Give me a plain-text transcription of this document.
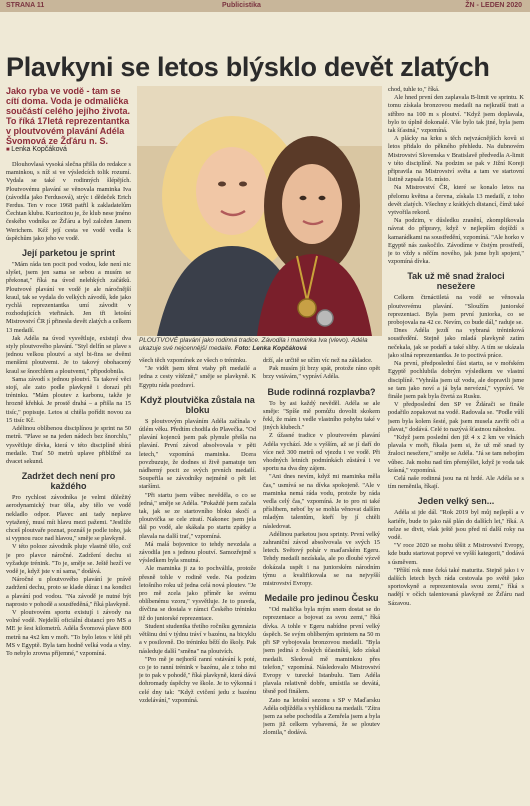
STRANA 11	Publicistika	ŽN - LEDEN 2020
Plavkyni se letos blýsklo devět zlatých

Jako ryba ve vodě - tam se cítí doma. Voda je odmalička součástí celého jejího života. To říká 17letá reprezentantka v ploutvovém plavání Adéla Švomová ze Žďáru n. S.

■ Lenka Kopčáková

Dlouhovlasá vysoká slečna přišla do redakce s maminkou, s níž si ve výsledcích tolik rozumí. Vydala se také v rodinných šlépějích. Ploutvovému plavání se věnovala maminka Iva (závodila jako Ferdusová), strýc i dědeček Erich Ferdus. Ten v roce 1968 patřil k zakladatelům Čechtan klubu. Kuriozitou je, že klub nese jméno českého vodníka ze Žďáru a byl založen Janem Werichem. Kéž její cesta ve vodě vedla k úspěchům jako jeho ve vodě.

Její parketou je sprint

"Mám ráda ten pocit pod vodou, kde není nic slyšet, jsem jen sama se sebou a musím se překonat," říká na úvod nelehkých začátků. Ploutvové plavání ve vodě je ale náročnější kraul, tak se vydala do velkých závodů, kde jako rychlá reprezentantka umí závodit v rozhodujících vteřinách. Jen tři letošní Mistrovství ČR jí přinesla devět zlatých a celkem 13 medailí.

Jak Adéla na úvod vysvětluje, existují dva styly ploutvového plavání. "Styl delfín se plave s jednou velkou ploutví a styl bi-fins se dvěmi menšími ploutvemi. Je to takový obohacený kraul se šnorchlem a ploutvemi," připodobnila.

Sama závodí s jednou ploutví. Ta takové věci stojí, ale zato podle plavkyně i dorazí při tréninku. "Mám ploutev z karbonu, takže je hrozně křehká. Je prostě drahá – a přišla na 15 tisíc," popisuje. Letos si chtěla pořídit novou za 15 tisíc Kč.

Adélinou oblíbenou disciplínou je sprint na 50 metrů. "Plave se na jeden nádech bez šnorchlu," vysvětluje dívka, která v této disciplíně sbírá medaile. Trať 50 metrů uplave přibližně za dvacet sekund.

Zadržet dech není pro každého

Pro rychlost závodníka je velmi důležitý aerodynamický tvar těla, aby tělo ve vodě nekladlo odpor. Plavec ani tady neplave vytažený, musí mít hlavu mezi pažemi. "Jestliže chceš ploutvaře poznat, poznáš je podle toho, jak si vypnou ruce nad hlavou," směje se plavkyně.

V této poloze závodník pluje vlastně tělo, což je pro plavce náročné. Zadržení dechu si vyžaduje trénink. "To je, směje se. Ještě hezčí ve vodě je, když jste v ní sama," dodává.

Náročné u ploutvového plavání je právě zadržení dechu, proto se klade důraz i na kondici a plavání pod vodou. "Na závodě je nutné být naprosto v pohodě a soustředěná," říká plavkyně.

V ploutvovém sportu existují i závody na volné vodě. Nejdelší oficiální distancí pro MS a ME je šest kilometrů. Adéla Švomová plave 800 metrů na 4x2 km v moři. "To bylo letos v létě při MS v Egyptě. Byla tam hodně velká voda a vlny. To nebylo zrovna příjemné," vzpomíná.

PLOUTVOVÉ plavání jako rodinná tradice. Závodila i maminka Iva (vlevo). Adéla ukazuje své nejcennější medaile. Foto: Lenka Kopčáková

všech těch vzpomínek ze všech o tréninku.

"Je vidět jsem těmi vtahy při medailé a jedna z cesty vítězně," směje se plavkyně. K Egyptu ráda pozdraví.

Když ploutvička zůstala na bloku

S ploutvovým plaváním Adéla začínala v útlém věku. Předtím chodila do Plavečka. "Od plavání kojenců jsem pak plynule přešla na plavání. První závod absolvovala v pěti letech," vzpomíná maminka. Dcera povzbuzuje, že dodnes si živě pamatuje ten nádherný pocit ze svých prvních medailí. Soupeřila se závodníky nejméně o pět let staršími.

"Při startu jsem vůbec nevěděla, o co se jedná," směje se Adéla. "Pokaždé jsem začala tak, jak se ze startovního bloku skočí a ploutvička se cele ztratí. Nakonec jsem jela dál po vodě, ale skákala po startu zpátky a plavala na další trať," vzpomíná.

Má malá bojovnice to tehdy nevzdala a závodila jen s jednou ploutví. Samozřejmě s výsledkem byla smutná.

Ale maminka ji za to pochválila, protože přesně tohle v rodině vede. Na podzim letošního roku už jedna celá nová ploutev. "Je pro mě zcela jako příměr ke svému oblíbenému vzoru," vysvětluje. Je to pravda, dívčina se dostala v rámci Českého tréninku již do juniorské reprezentace.

Student studentka třetího ročníku gymnázia většinu dní v týdnu tráví v bazénu, na bicyklu a v posilovně. Do tréninku běží do školy. Pak následuje další "směna" na ploutvích.

"Pro mě je nejhorší ranní vstávání k poté, co je to ranní trénink v bazénu, ale z toho mi je to pak v pohodě," říká plavkyně, která dává dohromady úspěchy ve škole. Je to výkonná i celé dny tak: "Když cvičení jedu z bazénu vzdelávání," vzpomíná.

drží, ale určitě se učím víc než na základce.

Pak musím jít brzy spát, protože ráno opět brzy vstávám," vypráví Adéla.

Bude rodinná rozplavba?

To by asi každý nevěděl. Adéla se ale směje: "Spíše mě pomůžu dovolit skokem řekl, že mám i vedle vlastního pohybu také v jiných klubech."

Z úžasné tradice v ploutvovém plavání Adéla vychází. Jde s vyšším, až se jí daří do více než 300 metrů od vjezdu i ve vodě. Při vhodných letních podmínkách zůstává i ve sportu na dva dny zájem.

"Ani dnes nevím, když mi maminka měla čas," usmívá se na dívka spokojeně. "Ale v maminka nemá ráda vodu, protože by ráda vedla celý čas," vzpomíná. Je to pro ni také příslibem, neboť by se mohla věnovat dalším mladým talentům, kteří by jí chtěli následovat.

Adélinou parketou jsou sprinty. První velký zahraniční závod absolvovala ve svých 15 letech. Světový pohár v maďarském Egeru. Tehdy medaili nezískala, ale po dlouhé výzvě dokázala uspět i na juniorském národním týmu a kvalifikovala se na nejvyšší mistrovství Evropy.

Medaile pro jedinou Česku

"Od malička byla mým snem dostat se do reprezentace a bojovat za svou zemi," říká dívka. A tohle v Egeru nabídne první velký úspěch. Se svým oblíbeným sprintem na 50 m při SP vybojovala bronzovou medaili. "Byla jsem jediná z českých účastníků, kdo získal medaili. Sledoval mě maminkou přes telefon," vzpomíná. Následovalo Mistrovství Evropy v turecké Istanbulu. Tam Adéla plavala relativně dobře, umístila se devátá, těsně pod finálem.

Zato na letošní sezonu s SP v Maďarsku Adéla odjížděla s vyhlídkou na medaili. "Zítra jsem za sebe pochodila a Zemřela jsem a byla jsem již celkem vybavená, že se ploutev zlomila," dodává.

chod, tuhle to," říká.

Ale hned první den zaplavala B-limit ve sprintu. K tomu získala bronzovou medaili na nejkratší trati a stříbro na 100 m s ploutví. "Když jsem doplavala, bylo to úplně dokonalé. Vše bylo tak jiné, byla jsem tak šťastná," vzpomíná.

A plácky na krku s těch nejvzácnějších kovů si letos přidalo do pěkného přehledu. Na dubnovém Mistrovství Slovenska v Bratislavě předvedla A-limit v této disciplíně. Na podzim se pak v Jižní Koreji připravila na Mistrovství světa a tam ve startovní listině zapsala 16. místo.

Na Mistrovství ČR, které se konalo letos na přelomu května a června, získala 13 medailí, z toho devět zlatých. Všechny z krátkých distancí, čímž také vytvořila rekord.

Na podzim, v důsledku zranění, zkomplikovala návrat do přípravy, když v nejlepším dojíždí s kamarádkami na soustředění, vzpomíná. "Ale horko v Egyptě nás zaskočilo. Závodíme v čistým prostředí, je to vždy s něčím nového, jak jsme byli spojeni," vzpomíná dívka.

Tak už mě snad žraloci nesežere

Celkem čtrnáctiletá na vodě se věnovala ploutvovému plavání. "Sloužím juniorské reprezentaci. Byla jsem první juniorka, co se probojovala na 42 ce. Nevím, co bude dál," raduje se.

Dnes Adéla jezdí na vybraná tréninková soustředění. Stejně jako mladá plavkyně zatím nečekala, jak se podaří a také sliby. A tím se ukázala jako silná reprezentantka. Je to poctivá práce.

Na první, předposlední část startu, se v mořském Egyptě pochlubila dobrým výsledkem ve vlastní disciplíně. "Vyhrála jsem už vodu, ale dopravili jsme se tam jako noví a já byla nervózní," vypráví. Ve finále jsem pak byla čtvrtá za Rusku.

V předposlední den SP ve Ždárači se finále podařilo zopakovat na vodě. Radovala se. "Podle vůlí jsem byla kolem šesté, pak jsem musela zavřít oči a plavat," dodává. Celé to nazývá šťastnou náhodou.

"Když jsem poslední den již 4 x 2 km ve vlnách plavala v moři, říkala jsem si, že už mě snad ty žraloci nesežere," směje se Adéla. "Já se tam nebojím vůbec. Jak mohu nad tím přemýšlet, když je voda tak krásná," vzpomíná.

Celá naše rodinná jsou na ni hrdé. Ale Adéla se s tím neměnila, říkají.

Jeden velký sen...

Adéla si jde dál. "Rok 2019 byl můj nejlepší a v kariéře, bude to jako náš plán do dalších let," říká. A nelze se divit, však ještě jsou před ní další roky na vodě.

"V roce 2020 se mohu těšit z Mistrovství Evropy, kde budu startovat poprvé ve vyšší kategorii," dodává s úsměvem.

"Příští rok mne čeká také maturita. Stejně jako i v dalších letech bych ráda cestovala po světě jako sportovkyně a reprezentovala svou zemi," říká s nadějí v očích talentovaná plavkyně ze Žďáru nad Sázavou.
